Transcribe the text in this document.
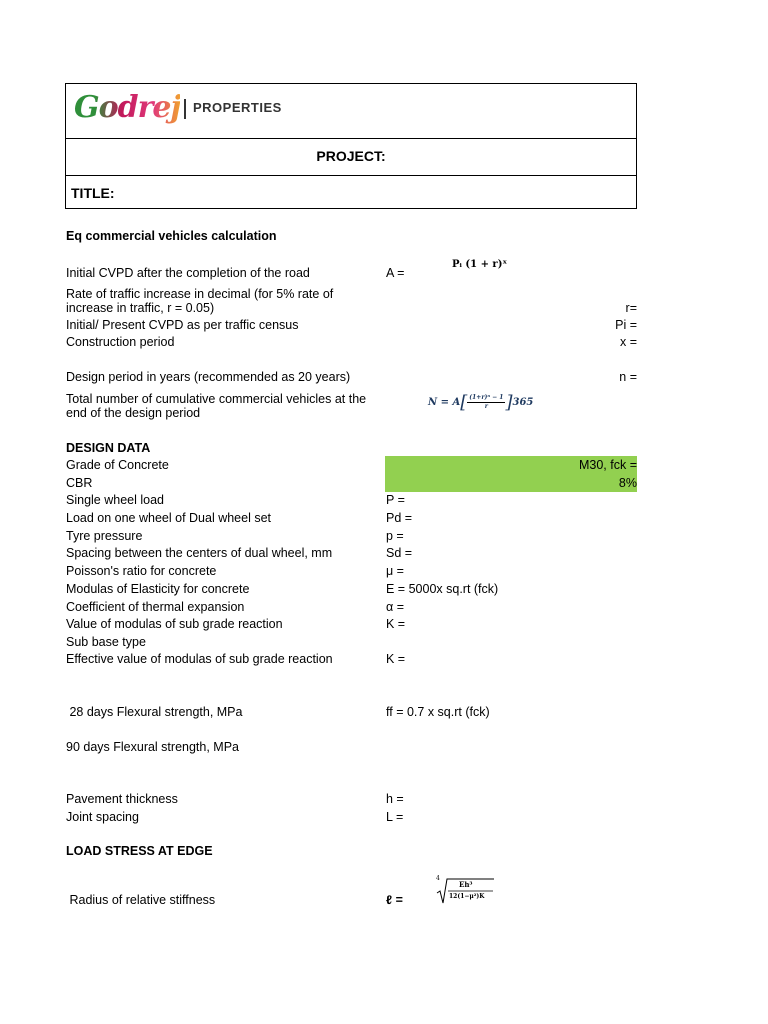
Godrej PROPERTIES
PROJECT:
TITLE:
Eq commercial vehicles calculation
Initial CVPD after the completion of the road	A =
Pᵢ (1 + r)ˣ
Rate of traffic increase in decimal (for 5% rate of
increase in traffic, r = 0.05)	r=
Initial/ Present CVPD as per traffic census	Pi =
Construction period	x =
Design period in years (recommended as 20 years)	n =
Total number of cumulative commercial vehicles at the
end of the design period
$N = A[ \frac{\text{(1+r)ⁿ − 1}}{r} ]365$
DESIGN DATA
Grade of Concrete	M30, fck =
CBR	8%
Single wheel load	P =
Load on one wheel of Dual wheel set	Pd =
Tyre pressure	p =
Spacing between the centers of dual wheel, mm	Sd =
Poisson's ratio for concrete	μ =
Modulas of Elasticity for concrete	E = 5000x sq.rt (fck)
Coefficient of thermal expansion	α =
Value of modulas of sub grade reaction	K =
Sub base type
Effective value of modulas of sub grade reaction	K =
28 days Flexural strength, MPa	ff = 0.7 x sq.rt (fck)
90 days Flexural strength, MPa
Pavement thickness	h =
Joint spacing	L =
LOAD STRESS AT EDGE
Radius of relative stiffness	ℓ =
4
Eh³
12(1−μ²)K
